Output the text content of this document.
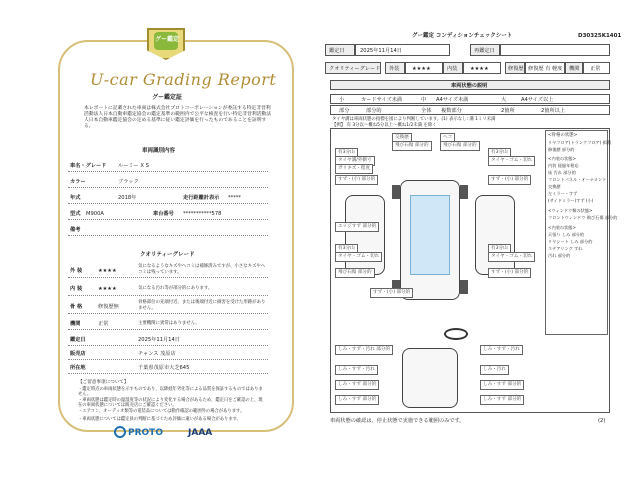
グー鑑定
U-car Grading Report
グー鑑定証
本レポートに記載された車両は株式会社プロトコーポレーションが委託する特定非営利活動法人日本自動車鑑定協会の鑑定基準の範囲内で公平な検査を行い特定非営利活動法人日本自動車鑑定協会の定める基準に従い鑑定評価を行ったものであることを証明する。
車両識別内容
車名・グレード ルーミー X S
カラー	ブラック
年式	2018年	走行距離計表示 *****
型式 M900A	車台番号 ***********578
備考
クオリティーグレード
外 装	★★★★
気になるようなキズやヘコミは補修済みですが、小さなキズやヘコミは残っています。
内 装	★★★★	気になる汚れ等が部分的にあります。
骨 格	修復歴無
骨格部位の先端付近、または後端付近に損害を受けた形跡がありません。
機関	正常	主要機関に異常はありません。
鑑定日	2025年11月14日
販売店	チャンス 茂原店
所在地	千葉県茂原市大芝645
【ご留意事項について】
・鑑定時点の車両状態を示すものであり、以降経年劣化等による品質を保証するものではありません。
・車両状態は鑑定時の温湿度等の状況により変化する場合があるため、鑑定日をご確認の上、現在の車両状態については販売店にご確認ください。
・エアコン、オーディオ類等の電装品については動作確認の範囲外の場合があります。
・車両状態については鑑定員の判断に基づくため評価に違いがある場合があります。
PROTO	JAAA
D30325K1401
グー鑑定 コンディションチェックシート
鑑定日	2025年11月14日	再鑑定日
クオリティーグレード 外装 ★★★★	内装 ★★★★	修復歴 修復歴 有 軽度 機関 正常
車両状態の説明
小	カードサイズ未満	中 A4サイズ未満	大	A4サイズ以上
部分	部分的	全体 複数部分	2箇所	2箇所以上
タイヤ溝は車両状態の指標を図により判断しています。(1) 表示なし: 溝 1ミリ未満
【例】 有 3分以〜概ね5分以上〜概ね1/2未満 を除く
有3分山
タイヤ溝/外側寸
ガリキズ・程度
すず・(小) 部分的
エッジすず 部分的
有3分山
タイヤ・ゴム・切れ
飛び石傷 部分的
すず・(小) 部分的
交換歴
飛び石傷 部分的
ヘコ
飛び石傷 部分的
有3分山
タイヤ・ゴム・切れ
すず・(小) 部分的
有3分山
タイヤ・ゴム・切れ
すず・(小) 部分的
<骨格の状態>
リヤフロア(トランクフロア) 損傷
修復歴 部分的
<内装の状態>
内装 経過年相応
床 汚れ 部分的
フロントパネル・オーナメント
交換歴
左ミラー・すず
(サイドミラー)すず (小)
<ウィンドウ類の状態>
フロントウィンドウ 飛び石傷 部分的
<内装の状態>
天張り しみ 部分的
リヤシート しみ 部分的
ステアリング すれ
汚れ 部分的
しみ・すず・汚れ 部分的
しみ・すず・汚れ
しみ・すず 部分的
しみ・すず 部分的
しみ・すず・汚れ
しみ・汚れ
しみ・すず 部分的
しみ・すず 部分的
車両状態の確認は、停止状態で実施できる範囲のみです。	(2)
